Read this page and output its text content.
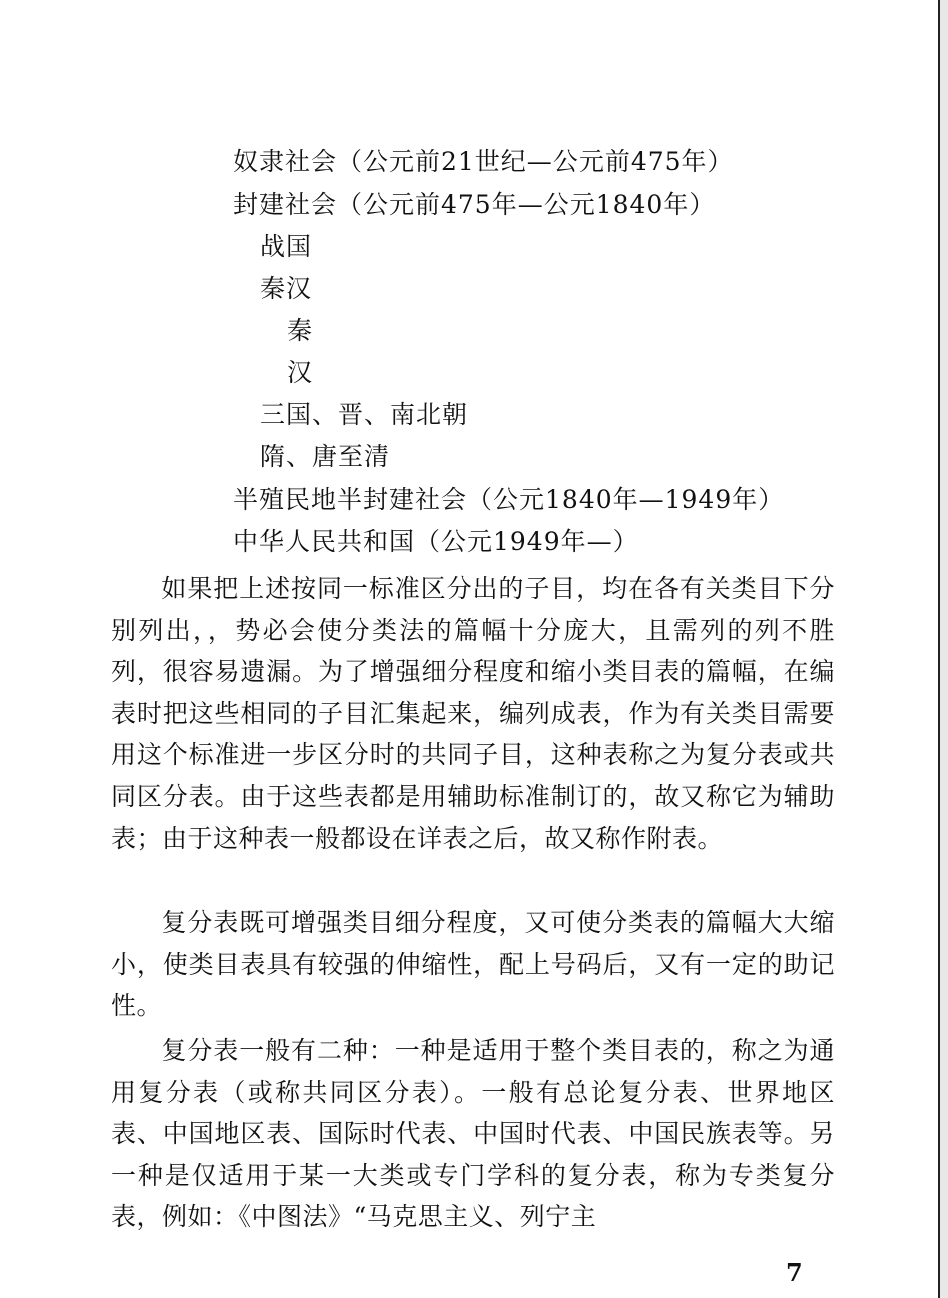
奴隶社会（公元前21世纪—公元前475年）
封建社会（公元前475年—公元1840年）
战国
秦汉
秦
汉
三国、晋、南北朝
隋、唐至清
半殖民地半封建社会（公元1840年—1949年）
中华人民共和国（公元1949年—）
如果把上述按同一标准区分出的子目，均在各有关类目下分别列出，，势必会使分类法的篇幅十分庞大，且需列的列不胜列，很容易遗漏。为了增强细分程度和缩小类目表的篇幅，在编表时把这些相同的子目汇集起来，编列成表，作为有关类目需要用这个标准进一步区分时的共同子目，这种表称之为复分表或共同区分表。由于这些表都是用辅助标准制订的，故又称它为辅助表；由于这种表一般都设在详表之后，故又称作附表。
复分表既可增强类目细分程度，又可使分类表的篇幅大大缩小，使类目表具有较强的伸缩性，配上号码后，又有一定的助记性。
复分表一般有二种：一种是适用于整个类目表的，称之为通用复分表（或称共同区分表）。一般有总论复分表、世界地区表、中国地区表、国际时代表、中国时代表、中国民族表等。另一种是仅适用于某一大类或专门学科的复分表，称为专类复分表，例如：《中图法》“马克思主义、列宁主
7
